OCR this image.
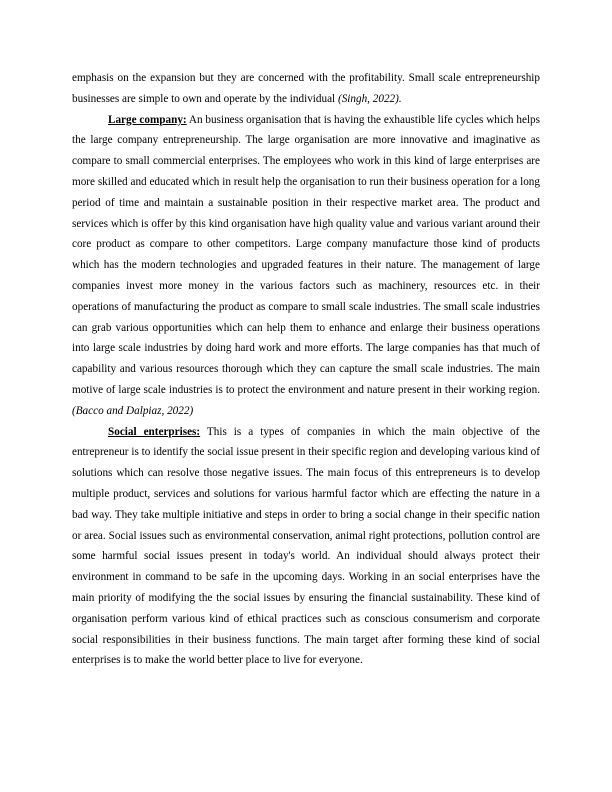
emphasis on the expansion but they are concerned with the profitability. Small scale entrepreneurship businesses are simple to own and operate by the individual (Singh, 2022).

Large company: An business organisation that is having the exhaustible life cycles which helps the large company entrepreneurship. The large organisation are more innovative and imaginative as compare to small commercial enterprises. The employees who work in this kind of large enterprises are more skilled and educated which in result help the organisation to run their business operation for a long period of time and maintain a sustainable position in their respective market area. The product and services which is offer by this kind organisation have high quality value and various variant around their core product as compare to other competitors. Large company manufacture those kind of products which has the modern technologies and upgraded features in their nature. The management of large companies invest more money in the various factors such as machinery, resources etc. in their operations of manufacturing the product as compare to small scale industries. The small scale industries can grab various opportunities which can help them to enhance and enlarge their business operations into large scale industries by doing hard work and more efforts. The large companies has that much of capability and various resources thorough which they can capture the small scale industries. The main motive of large scale industries is to protect the environment and nature present in their working region. (Bacco and Dalpiaz, 2022)

Social enterprises: This is a types of companies in which the main objective of the entrepreneur is to identify the social issue present in their specific region and developing various kind of solutions which can resolve those negative issues. The main focus of this entrepreneurs is to develop multiple product, services and solutions for various harmful factor which are effecting the nature in a bad way. They take multiple initiative and steps in order to bring a social change in their specific nation or area. Social issues such as environmental conservation, animal right protections, pollution control are some harmful social issues present in today's world. An individual should always protect their environment in command to be safe in the upcoming days. Working in an social enterprises have the main priority of modifying the the social issues by ensuring the financial sustainability. These kind of organisation perform various kind of ethical practices such as conscious consumerism and corporate social responsibilities in their business functions. The main target after forming these kind of social enterprises is to make the world better place to live for everyone.
